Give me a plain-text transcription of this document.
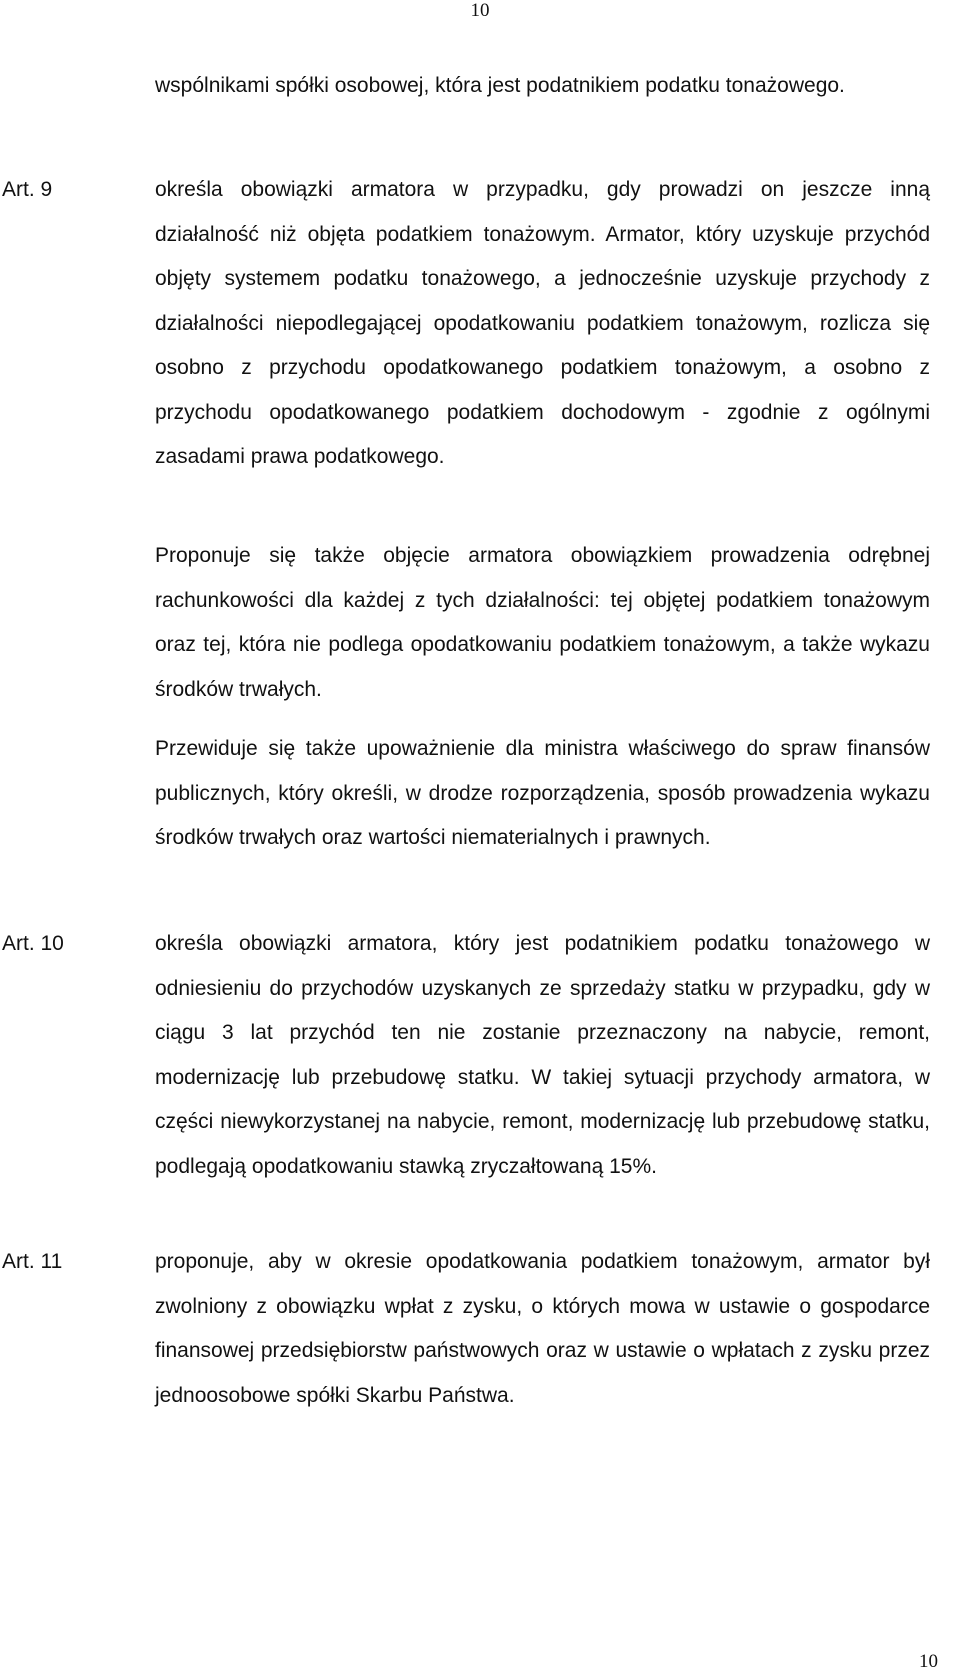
10

wspólnikami spółki osobowej, która jest podatnikiem podatku tonażowego.

Art. 9	określa obowiązki armatora w przypadku, gdy prowadzi on jeszcze inną działalność niż objęta podatkiem tonażowym. Armator, który uzyskuje przychód objęty systemem podatku tonażowego, a jednocześnie uzyskuje przychody z działalności niepodlegającej opodatkowaniu podatkiem tonażowym, rozlicza się osobno z przychodu opodatkowanego podatkiem tonażowym, a osobno z przychodu opodatkowanego podatkiem dochodowym - zgodnie z ogólnymi zasadami prawa podatkowego.

Proponuje się także objęcie armatora obowiązkiem prowadzenia odrębnej rachunkowości dla każdej z tych działalności: tej objętej podatkiem tonażowym oraz tej, która nie podlega opodatkowaniu podatkiem tonażowym, a także wykazu środków trwałych.

Przewiduje się także upoważnienie dla ministra właściwego do spraw finansów publicznych, który określi, w drodze rozporządzenia, sposób prowadzenia wykazu środków trwałych oraz wartości niematerialnych i prawnych.

Art. 10	określa obowiązki armatora, który jest podatnikiem podatku tonażowego w odniesieniu do przychodów uzyskanych ze sprzedaży statku w przypadku, gdy w ciągu 3 lat przychód ten nie zostanie przeznaczony na nabycie, remont, modernizację lub przebudowę statku. W takiej sytuacji przychody armatora, w części niewykorzystanej na nabycie, remont, modernizację lub przebudowę statku, podlegają opodatkowaniu stawką zryczałtowaną 15%.

Art. 11	proponuje, aby w okresie opodatkowania podatkiem tonażowym, armator był zwolniony z obowiązku wpłat z zysku, o których mowa w ustawie o gospodarce finansowej przedsiębiorstw państwowych oraz w ustawie o wpłatach z zysku przez jednoosobowe spółki Skarbu Państwa.

10
